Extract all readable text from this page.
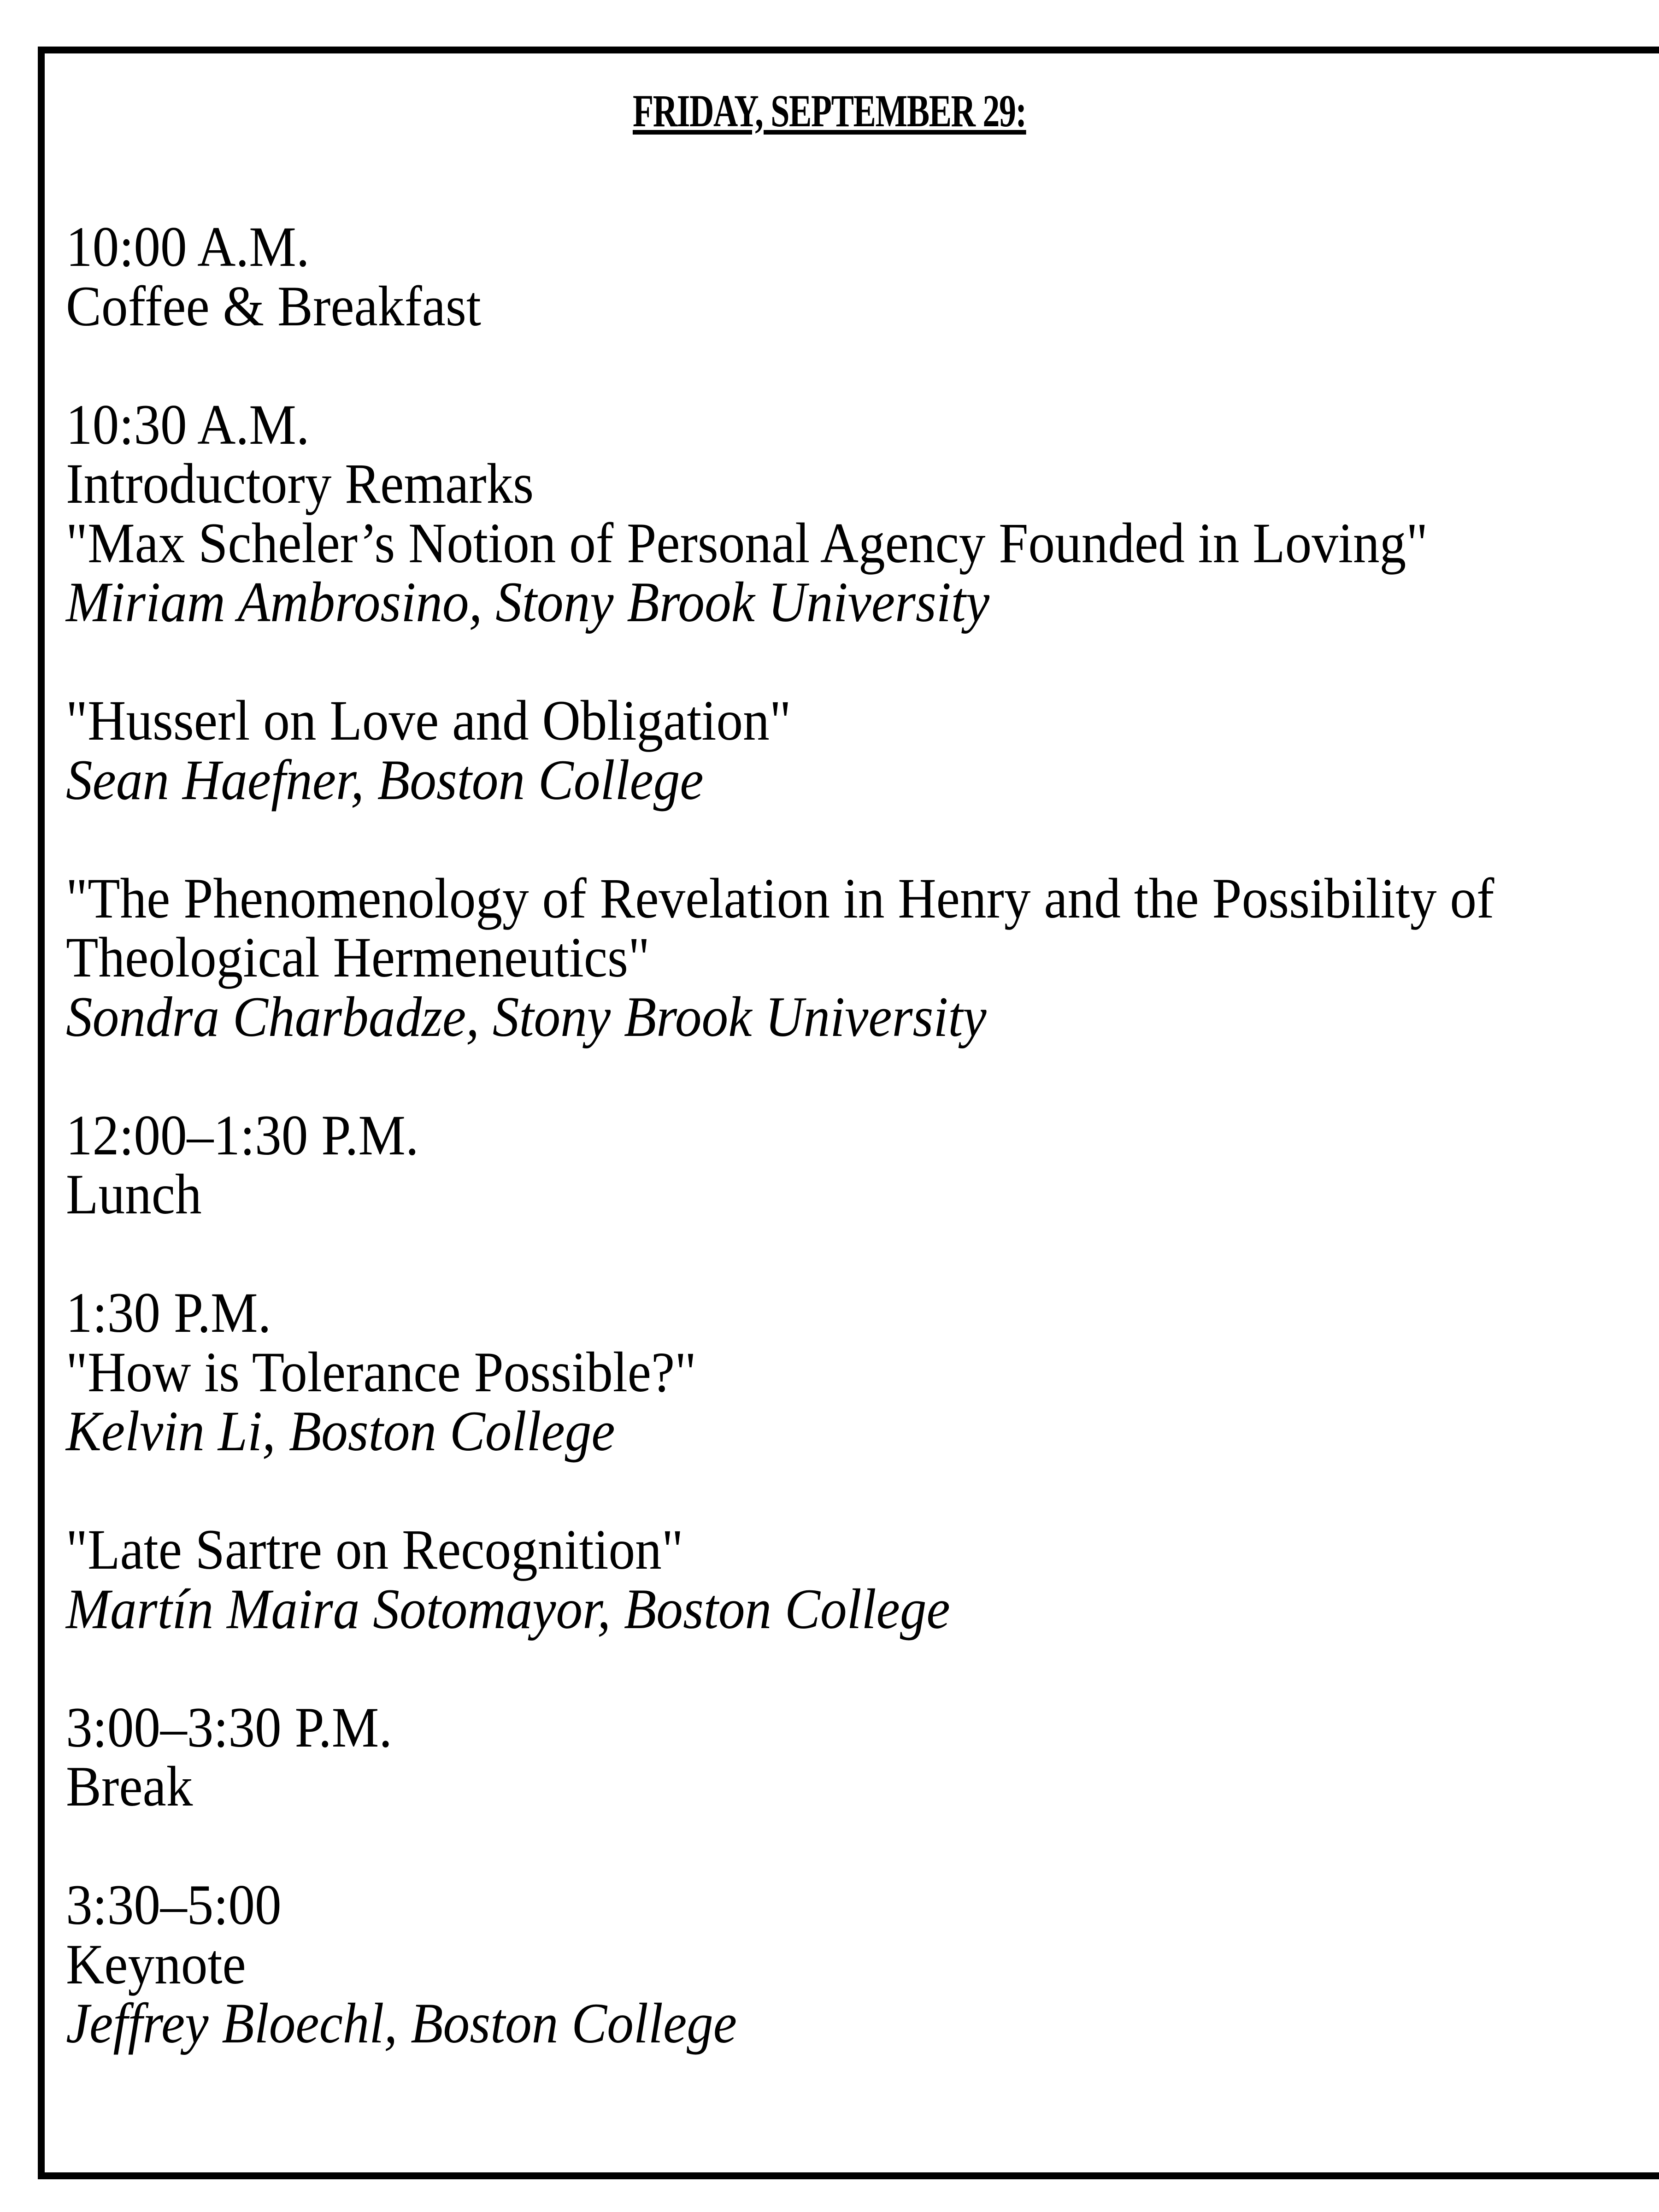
FRIDAY, SEPTEMBER 29:
10:00 A.M.
Coffee & Breakfast
10:30 A.M.
Introductory Remarks
"Max Scheler’s Notion of Personal Agency Founded in Loving"
Miriam Ambrosino, Stony Brook University
"Husserl on Love and Obligation"
Sean Haefner, Boston College
"The Phenomenology of Revelation in Henry and the Possibility of
Theological Hermeneutics"
Sondra Charbadze, Stony Brook University
12:00–1:30 P.M.
Lunch
1:30 P.M.
"How is Tolerance Possible?"
Kelvin Li, Boston College
"Late Sartre on Recognition"
Martín Maira Sotomayor, Boston College
3:00–3:30 P.M.
Break
3:30–5:00
Keynote
Jeffrey Bloechl, Boston College
